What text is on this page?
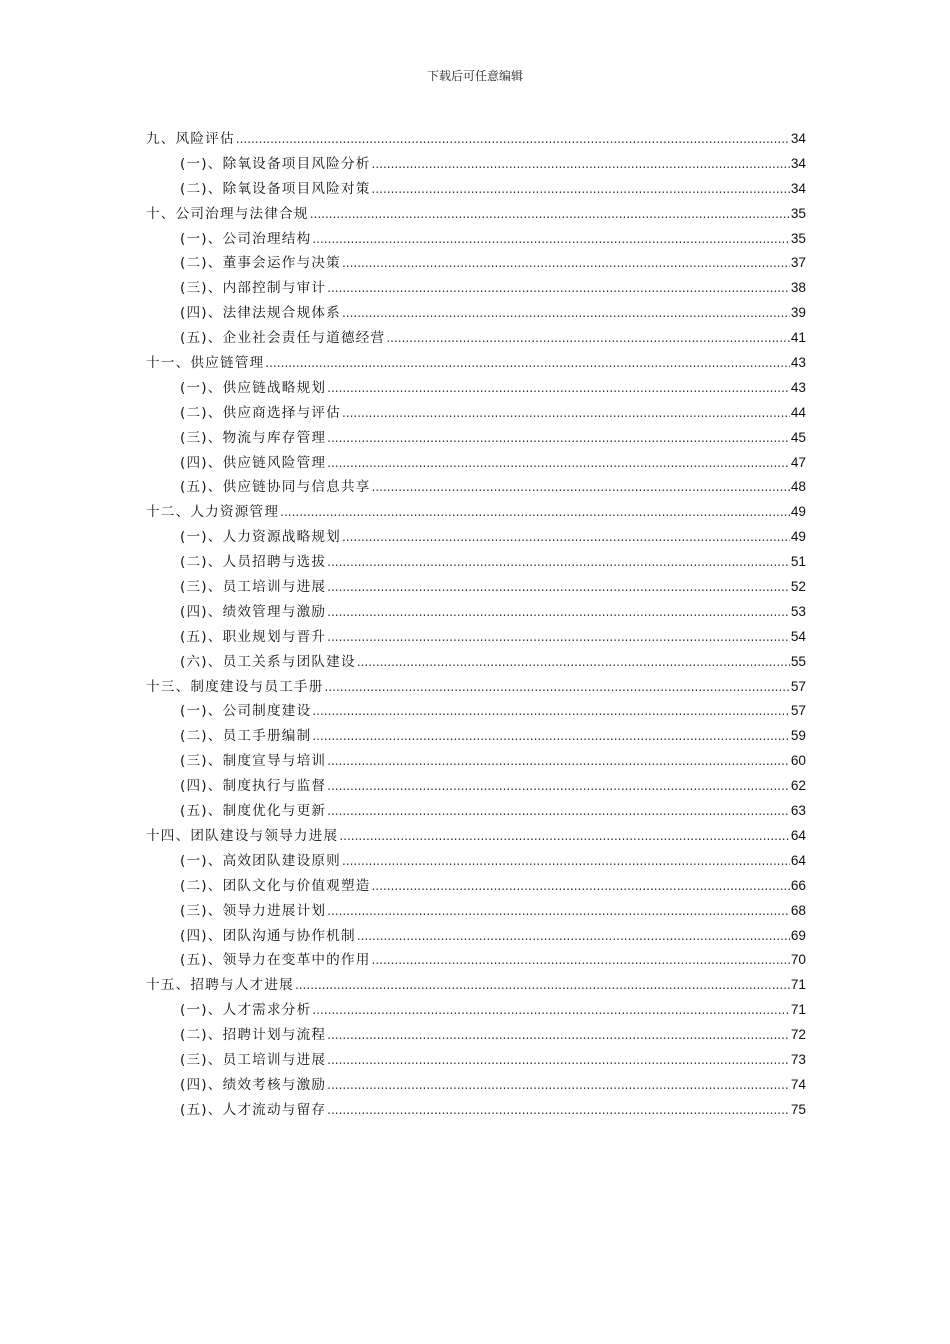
下载后可任意编辑
九、风险评估 .....	34
(一)、除氧设备项目风险分析 .....	34
(二)、除氧设备项目风险对策 .....	34
十、公司治理与法律合规 .....	35
(一)、公司治理结构 .....	35
(二)、董事会运作与决策 .....	37
(三)、内部控制与审计 .....	38
(四)、法律法规合规体系 .....	39
(五)、企业社会责任与道德经营 .....	41
十一、供应链管理 .....	43
(一)、供应链战略规划 .....	43
(二)、供应商选择与评估 .....	44
(三)、物流与库存管理 .....	45
(四)、供应链风险管理 .....	47
(五)、供应链协同与信息共享 .....	48
十二、人力资源管理 .....	49
(一)、人力资源战略规划 .....	49
(二)、人员招聘与选拔 .....	51
(三)、员工培训与进展 .....	52
(四)、绩效管理与激励 .....	53
(五)、职业规划与晋升 .....	54
(六)、员工关系与团队建设 .....	55
十三、制度建设与员工手册 .....	57
(一)、公司制度建设 .....	57
(二)、员工手册编制 .....	59
(三)、制度宣导与培训 .....	60
(四)、制度执行与监督 .....	62
(五)、制度优化与更新 .....	63
十四、团队建设与领导力进展 .....	64
(一)、高效团队建设原则 .....	64
(二)、团队文化与价值观塑造 .....	66
(三)、领导力进展计划 .....	68
(四)、团队沟通与协作机制 .....	69
(五)、领导力在变革中的作用 .....	70
十五、招聘与人才进展 .....	71
(一)、人才需求分析 .....	71
(二)、招聘计划与流程 .....	72
(三)、员工培训与进展 .....	73
(四)、绩效考核与激励 .....	74
(五)、人才流动与留存 .....	75
